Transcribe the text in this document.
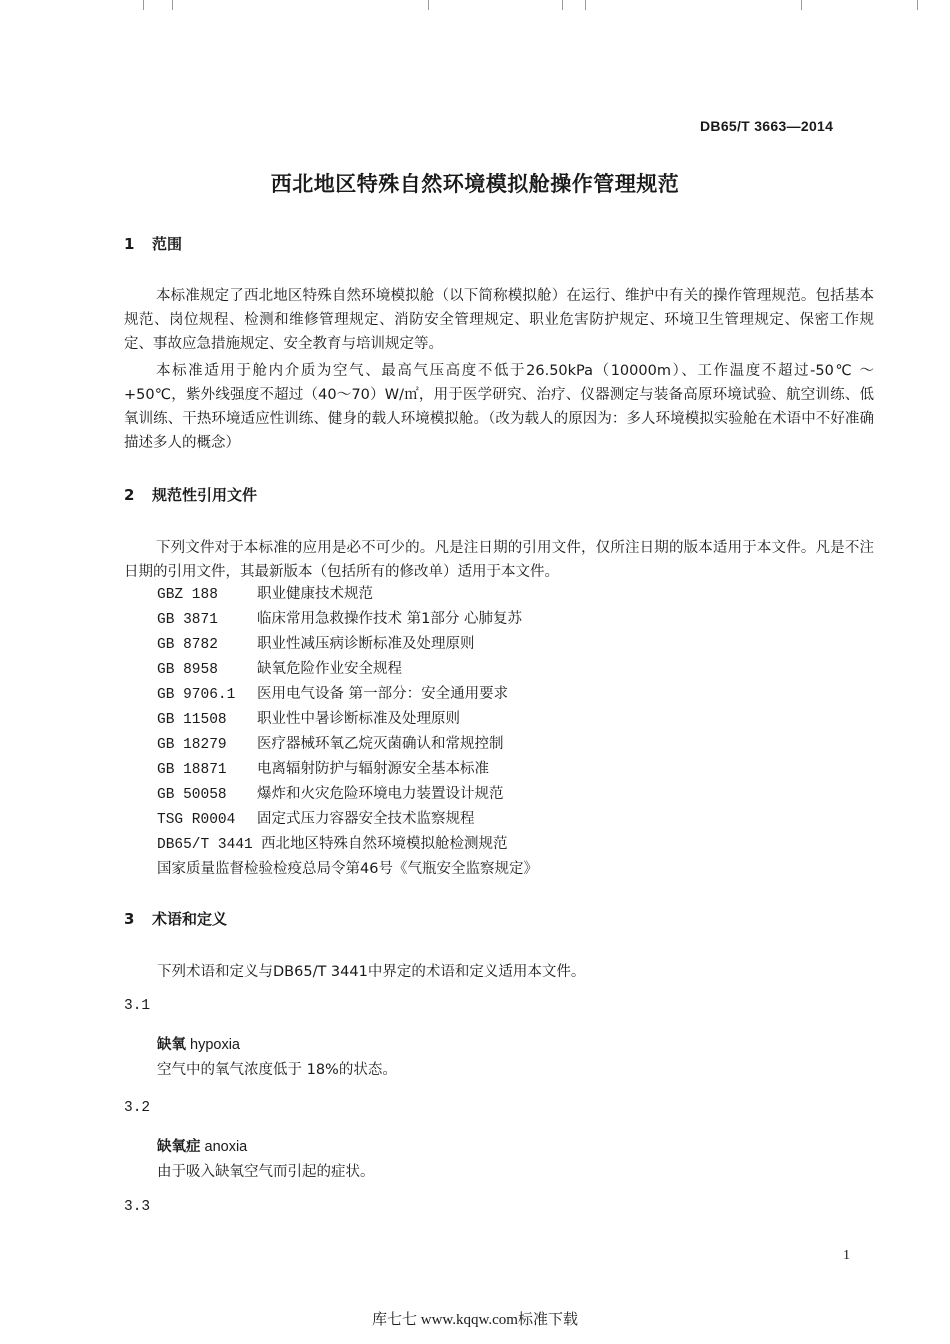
DB65/T 3663—2014
西北地区特殊自然环境模拟舱操作管理规范
1 范围
本标准规定了西北地区特殊自然环境模拟舱（以下简称模拟舱）在运行、维护中有关的操作管理规范。包括基本规范、岗位规程、检测和维修管理规定、消防安全管理规定、职业危害防护规定、环境卫生管理规定、保密工作规定、事故应急措施规定、安全教育与培训规定等。
本标准适用于舱内介质为空气、最高气压高度不低于26.50kPa（10000m）、工作温度不超过-50℃ ～ +50℃，紫外线强度不超过（40～70）W/㎡，用于医学研究、治疗、仪器测定与装备高原环境试验、航空训练、低氧训练、干热环境适应性训练、健身的载人环境模拟舱。（改为载人的原因为：多人环境模拟实验舱在术语中不好准确描述多人的概念）
2 规范性引用文件
下列文件对于本标准的应用是必不可少的。凡是注日期的引用文件，仅所注日期的版本适用于本文件。凡是不注日期的引用文件，其最新版本（包括所有的修改单）适用于本文件。
GBZ 188	职业健康技术规范
GB 3871	临床常用急救操作技术 第1部分 心肺复苏
GB 8782	职业性减压病诊断标准及处理原则
GB 8958	缺氧危险作业安全规程
GB 9706.1 医用电气设备 第一部分：安全通用要求
GB 11508 职业性中暑诊断标准及处理原则
GB 18279 医疗器械环氧乙烷灭菌确认和常规控制
GB 18871 电离辐射防护与辐射源安全基本标准
GB 50058 爆炸和火灾危险环境电力装置设计规范
TSG R0004 固定式压力容器安全技术监察规程
DB65/T 3441 西北地区特殊自然环境模拟舱检测规范
国家质量监督检验检疫总局令第46号《气瓶安全监察规定》
3 术语和定义
下列术语和定义与DB65/T 3441中界定的术语和定义适用本文件。
3.1
缺氧 hypoxia
空气中的氧气浓度低于 18%的状态。
3.2
缺氧症 anoxia
由于吸入缺氧空气而引起的症状。
3.3
1
库七七 www.kqqw.com标准下载
